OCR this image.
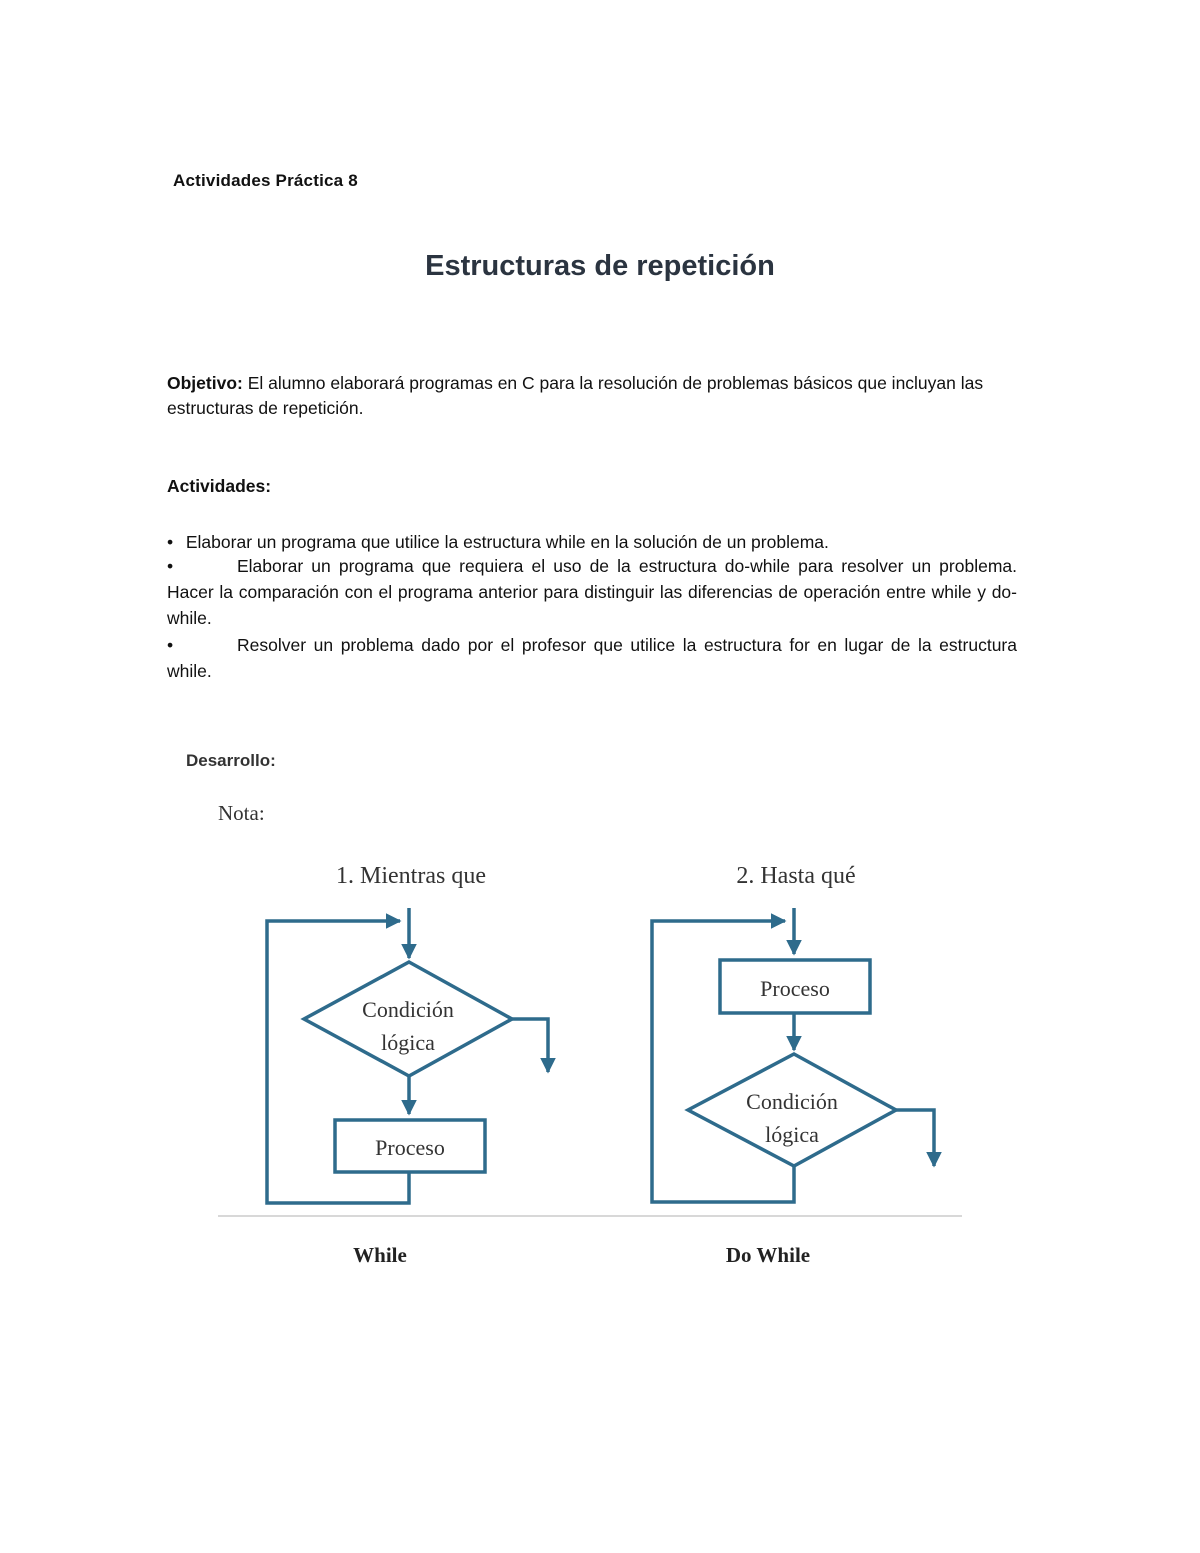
Actividades Práctica 8
Estructuras de repetición
Objetivo: El alumno elaborará programas en C para la resolución de problemas básicos que incluyan las estructuras de repetición.
Actividades:
• Elaborar un programa que utilice la estructura while en la solución de un problema.
•	Elaborar un programa que requiera el uso de la estructura do-while para resolver un problema. Hacer la comparación con el programa anterior para distinguir las diferencias de operación entre while y do-while.
•	Resolver un problema dado por el profesor que utilice la estructura for en lugar de la estructura while.
Desarrollo:
Nota:
1. Mientras que
Condición
lógica
Proceso
2. Hasta qué
Proceso
Condición
lógica
While	Do While
